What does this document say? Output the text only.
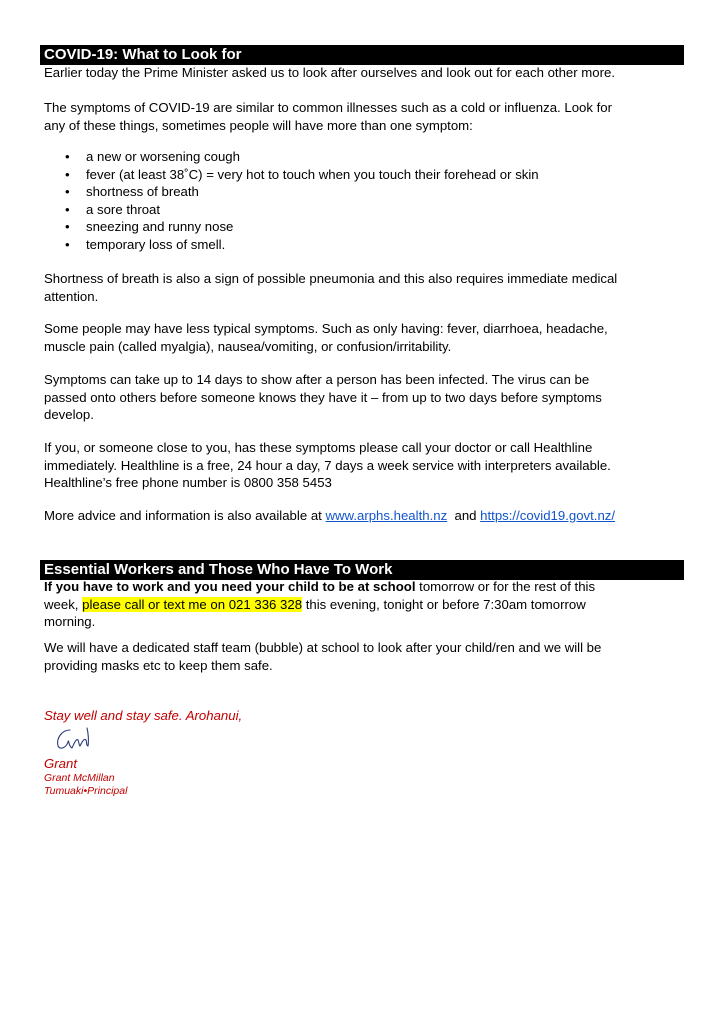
COVID-19: What to Look for

Earlier today the Prime Minister asked us to look after ourselves and look out for each other more.

The symptoms of COVID-19 are similar to common illnesses such as a cold or influenza. Look for
any of these things, sometimes people will have more than one symptom:

• a new or worsening cough
• fever (at least 38˚C) = very hot to touch when you touch their forehead or skin
• shortness of breath
• a sore throat
• sneezing and runny nose
• temporary loss of smell.

Shortness of breath is also a sign of possible pneumonia and this also requires immediate medical
attention.

Some people may have less typical symptoms. Such as only having: fever, diarrhoea, headache,
muscle pain (called myalgia), nausea/vomiting, or confusion/irritability.

Symptoms can take up to 14 days to show after a person has been infected. The virus can be
passed onto others before someone knows they have it – from up to two days before symptoms
develop.

If you, or someone close to you, has these symptoms please call your doctor or call Healthline
immediately. Healthline is a free, 24 hour a day, 7 days a week service with interpreters available.
Healthline’s free phone number is 0800 358 5453

More advice and information is also available at www.arphs.health.nz  and https://covid19.govt.nz/

Essential Workers and Those Who Have To Work

If you have to work and you need your child to be at school tomorrow or for the rest of this
week, please call or text me on 021 336 328 this evening, tonight or before 7:30am tomorrow
morning.

We will have a dedicated staff team (bubble) at school to look after your child/ren and we will be
providing masks etc to keep them safe.

Stay well and stay safe. Arohanui,

Grant
Grant McMillan
Tumuaki•Principal
